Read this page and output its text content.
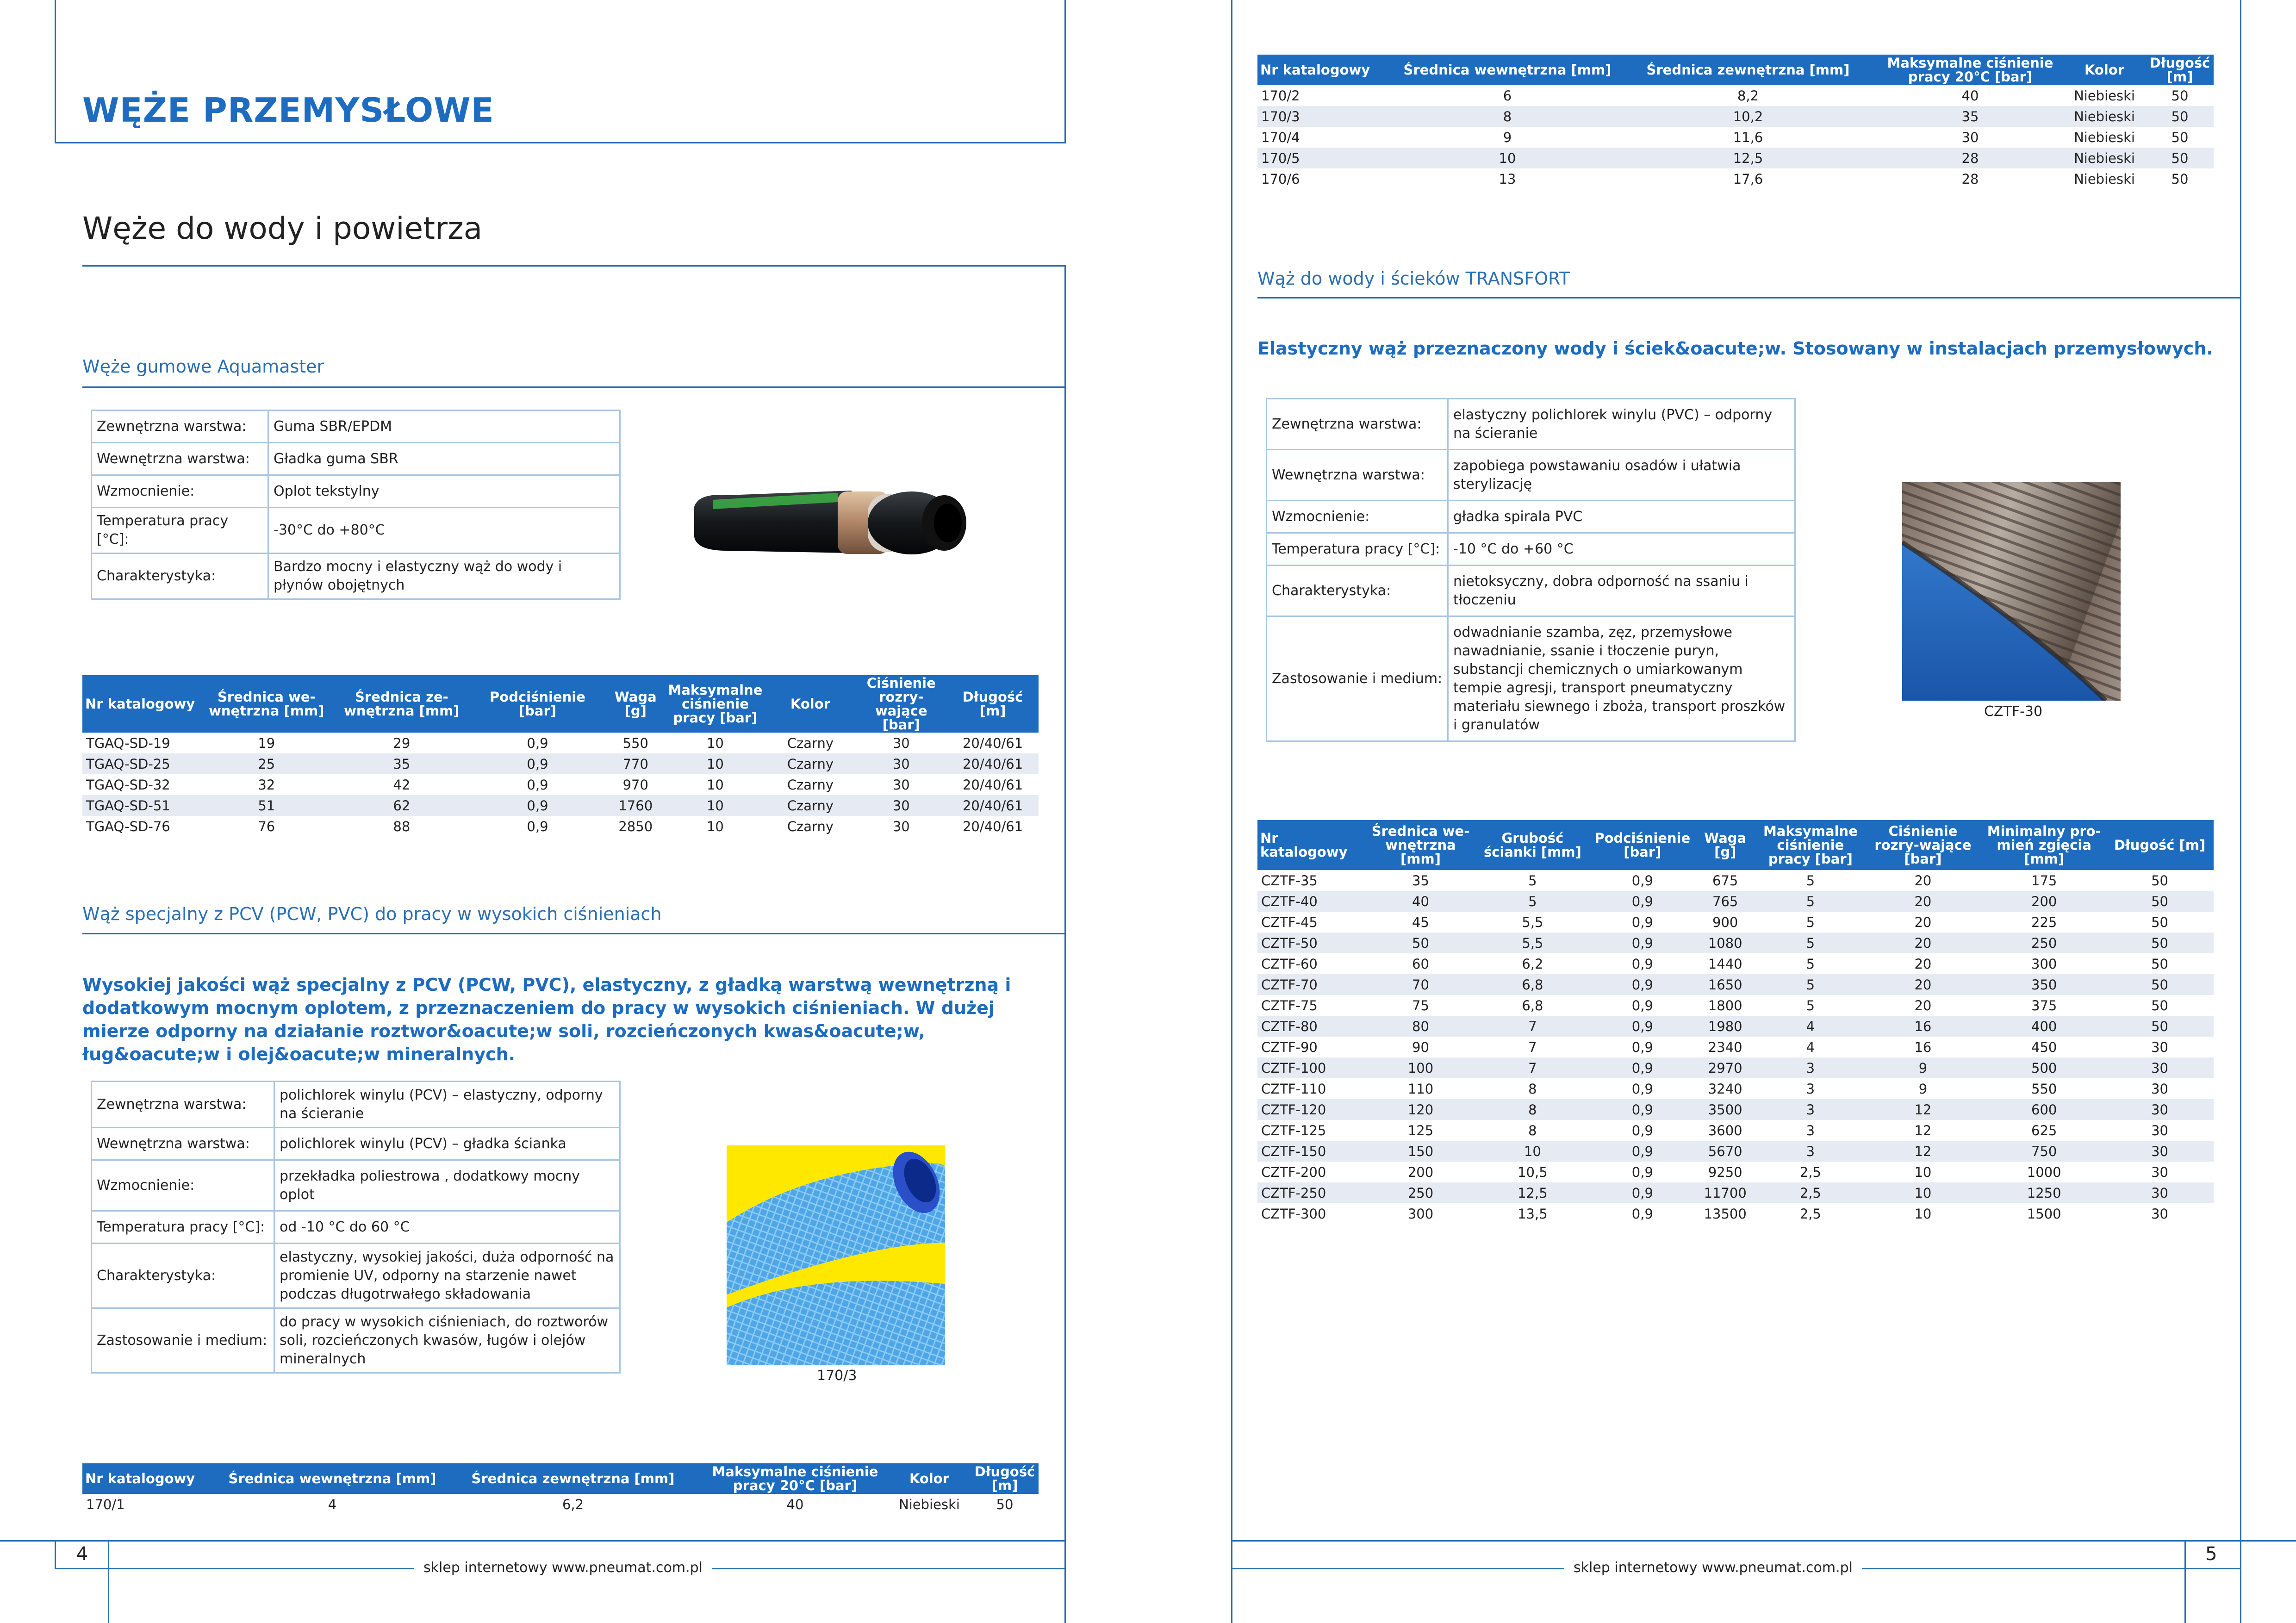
WĘŻE PRZEMYSŁOWE
Węże do wody i powietrza
Węże gumowe Aquamaster
Zewnętrzna warstwa:	Guma SBR/EPDM
Wewnętrzna warstwa:	Gładka guma SBR
Wzmocnienie:	Oplot tekstylny
Temperatura pracy [°C]:	-30°C do +80°C
Charakterystyka:	Bardzo mocny i elastyczny wąż do wody i płynów obojętnych
Nr katalogowy	Średnica we-wnętrzna [mm]	Średnica ze-wnętrzna [mm]	Podciśnienie [bar]	Waga [g]	Maksymalne ciśnienie pracy [bar]	Kolor	Ciśnienie rozry-wające [bar]	Długość [m]
TGAQ-SD-19	19	29	0,9	550	10	Czarny	30	20/40/61
TGAQ-SD-25	25	35	0,9	770	10	Czarny	30	20/40/61
TGAQ-SD-32	32	42	0,9	970	10	Czarny	30	20/40/61
TGAQ-SD-51	51	62	0,9	1760	10	Czarny	30	20/40/61
TGAQ-SD-76	76	88	0,9	2850	10	Czarny	30	20/40/61
Wąż specjalny z PCV (PCW, PVC) do pracy w wysokich ciśnieniach
Wysokiej jakości wąż specjalny z PCV (PCW, PVC), elastyczny, z gładką warstwą wewnętrzną i dodatkowym mocnym oplotem, z przeznaczeniem do pracy w wysokich ciśnieniach. W dużej mierze odporny na działanie roztwor&oacute;w soli, rozcieńczonych kwas&oacute;w, ług&oacute;w i olej&oacute;w mineralnych.
Zewnętrzna warstwa:	polichlorek winylu (PCV) – elastyczny, odporny na ścieranie
Wewnętrzna warstwa:	polichlorek winylu (PCV) – gładka ścianka
Wzmocnienie:	przekładka poliestrowa , dodatkowy mocny oplot
Temperatura pracy [°C]:	od -10 °C do 60 °C
Charakterystyka:	elastyczny, wysokiej jakości, duża odporność na promienie UV, odporny na starzenie nawet podczas długotrwałego składowania
Zastosowanie i medium:	do pracy w wysokich ciśnieniach, do roztworów soli, rozcieńczonych kwasów, ługów i olejów mineralnych
170/3
Nr katalogowy	Średnica wewnętrzna [mm]	Średnica zewnętrzna [mm]	Maksymalne ciśnienie pracy 20°C [bar]	Kolor	Długość [m]
170/1	4	6,2	40	Niebieski	50
4
sklep internetowy www.pneumat.com.pl
Nr katalogowy	Średnica wewnętrzna [mm]	Średnica zewnętrzna [mm]	Maksymalne ciśnienie pracy 20°C [bar]	Kolor	Długość [m]
170/2	6	8,2	40	Niebieski	50
170/3	8	10,2	35	Niebieski	50
170/4	9	11,6	30	Niebieski	50
170/5	10	12,5	28	Niebieski	50
170/6	13	17,6	28	Niebieski	50
Wąż do wody i ścieków TRANSFORT
Elastyczny wąż przeznaczony wody i ściek&oacute;w. Stosowany w instalacjach przemysłowych.
Zewnętrzna warstwa:	elastyczny polichlorek winylu (PVC) – odporny na ścieranie
Wewnętrzna warstwa:	zapobiega powstawaniu osadów i ułatwia sterylizację
Wzmocnienie:	gładka spirala PVC
Temperatura pracy [°C]:	-10 °C do +60 °C
Charakterystyka:	nietoksyczny, dobra odporność na ssaniu i tłoczeniu
Zastosowanie i medium:	odwadnianie szamba, zęz, przemysłowe nawadnianie, ssanie i tłoczenie puryn, substancji chemicznych o umiarkowanym tempie agresji, transport pneumatyczny materiału siewnego i zboża, transport proszków i granulatów
CZTF-30
Nr katalogowy	Średnica we-wnętrzna [mm]	Grubość ścianki [mm]	Podciśnienie [bar]	Waga [g]	Maksymalne ciśnienie pracy [bar]	Ciśnienie rozry-wające [bar]	Minimalny pro-mień zgięcia [mm]	Długość [m]
CZTF-35	35	5	0,9	675	5	20	175	50
CZTF-40	40	5	0,9	765	5	20	200	50
CZTF-45	45	5,5	0,9	900	5	20	225	50
CZTF-50	50	5,5	0,9	1080	5	20	250	50
CZTF-60	60	6,2	0,9	1440	5	20	300	50
CZTF-70	70	6,8	0,9	1650	5	20	350	50
CZTF-75	75	6,8	0,9	1800	5	20	375	50
CZTF-80	80	7	0,9	1980	4	16	400	50
CZTF-90	90	7	0,9	2340	4	16	450	30
CZTF-100	100	7	0,9	2970	3	9	500	30
CZTF-110	110	8	0,9	3240	3	9	550	30
CZTF-120	120	8	0,9	3500	3	12	600	30
CZTF-125	125	8	0,9	3600	3	12	625	30
CZTF-150	150	10	0,9	5670	3	12	750	30
CZTF-200	200	10,5	0,9	9250	2,5	10	1000	30
CZTF-250	250	12,5	0,9	11700	2,5	10	1250	30
CZTF-300	300	13,5	0,9	13500	2,5	10	1500	30
5
sklep internetowy www.pneumat.com.pl
